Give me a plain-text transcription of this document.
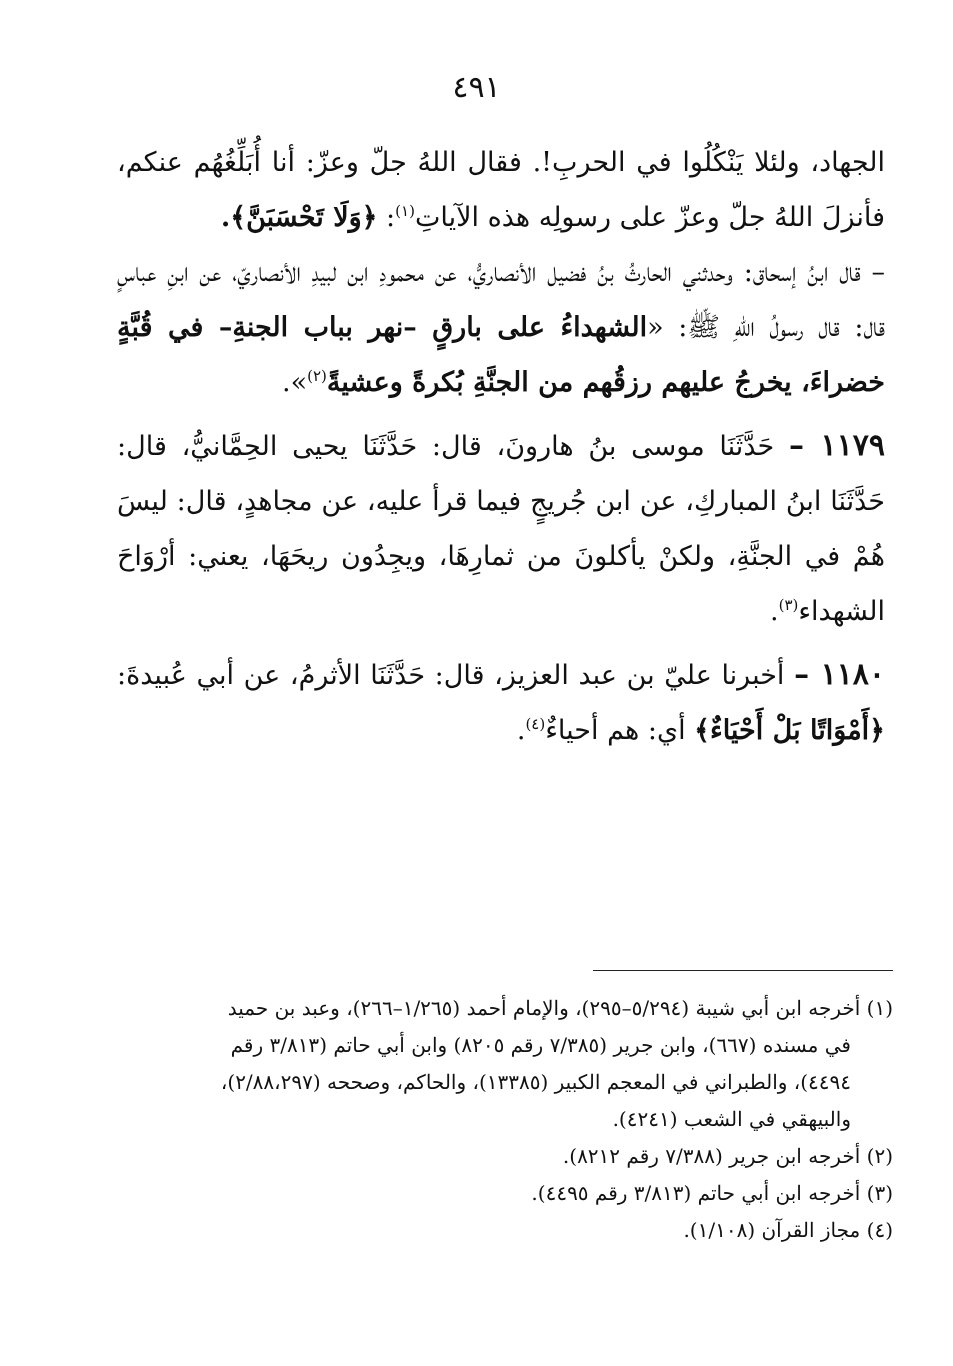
٤٩١

الجهاد، ولئلا يَنْكُلُوا في الحربِ!. فقال اللهُ جلّ وعزّ: أنا أُبَلِّغُهُم عنكم، فأنزلَ اللهُ جلّ وعزّ على رسولِه هذه الآياتِ$^{(١)}$: ﴿وَلَا تَحْسَبَنَّ﴾.

– قال ابنُ إسحاق: وحدثني الحارثُ بنُ فضيل الأنصاريُّ، عن محمودِ ابن لبيدِ الأنصاريّ، عن ابنِ عباسٍ قال: قال رسولُ اللهِ ﷺ: «الشهداءُ على بارقٍ –نهر بباب الجنةِ– في قُبَّةٍ خضراءَ، يخرجُ عليهم رزقُهم من الجنَّةِ بُكرةً وعشيةً$^{(٢)}$».

١١٧٩ – حَدَّثَنَا موسى بنُ هارونَ، قال: حَدَّثَنَا يحيى الحِمَّانيُّ، قال: حَدَّثَنَا ابنُ المباركِ، عن ابن جُريجٍ فيما قرأ عليه، عن مجاهدٍ، قال: ليسَ هُمْ في الجنَّةِ، ولكنْ يأكلونَ من ثمارِهَا، ويجِدُون ريحَهَا، يعني: أرْوَاحَ الشهداء$^{(٣)}$.

١١٨٠ – أخبرنا عليّ بن عبد العزيز، قال: حَدَّثَنَا الأثرمُ، عن أبي عُبيدةَ: ﴿أَمْوَاتًا بَلْ أَحْيَاءٌ﴾ أي: هم أحياءٌ$^{(٤)}$.

(١) أخرجه ابن أبي شيبة (٥/٢٩٤–٢٩٥)، والإمام أحمد (١/٢٦٥–٢٦٦)، وعبد بن حميد

في مسنده (٦٦٧)، وابن جرير (٧/٣٨٥ رقم ٨٢٠٥) وابن أبي حاتم (٣/٨١٣ رقم

٤٤٩٤)، والطبراني في المعجم الكبير (١٣٣٨٥)، والحاكم، وصححه (٢/٨٨،٢٩٧)،

والبيهقي في الشعب (٤٢٤١).

(٢) أخرجه ابن جرير (٧/٣٨٨ رقم ٨٢١٢).

(٣) أخرجه ابن أبي حاتم (٣/٨١٣ رقم ٤٤٩٥).

(٤) مجاز القرآن (١/١٠٨).
